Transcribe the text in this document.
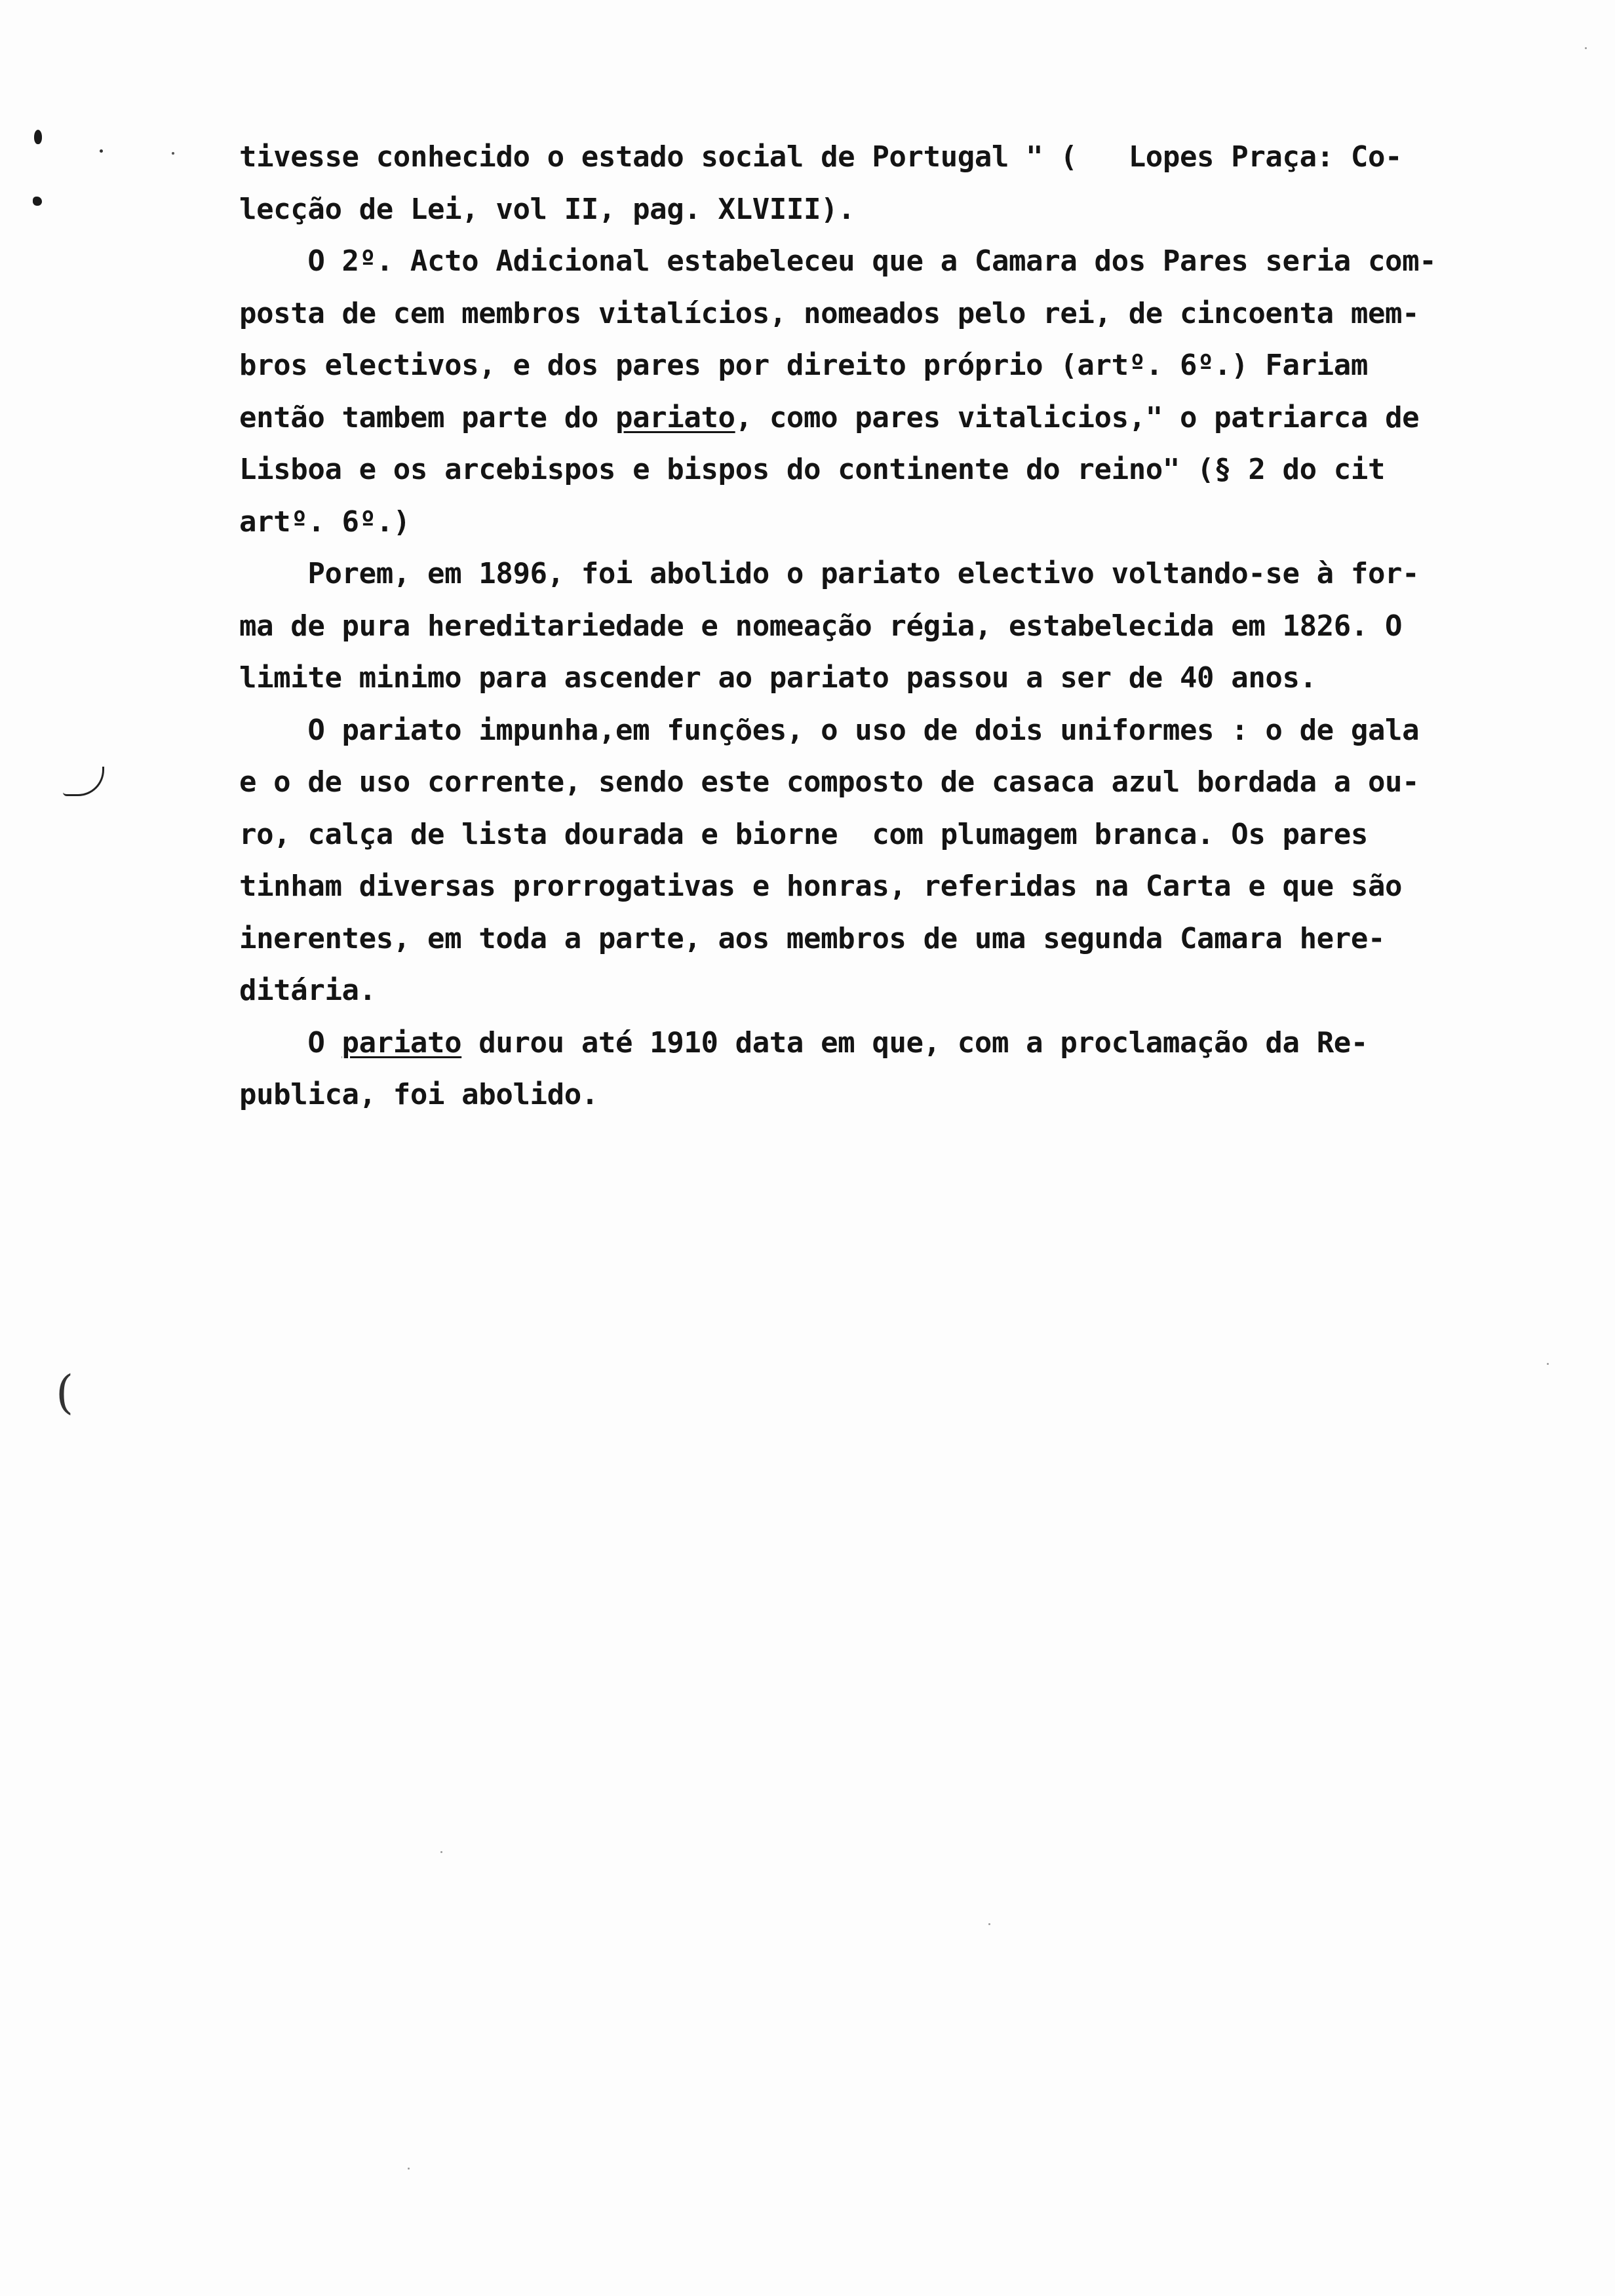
(
tivesse conhecido o estado social de Portugal " (   Lopes Praça: Co-
lecção de Lei, vol II, pag. XLVIII).
O 2º. Acto Adicional estabeleceu que a Camara dos Pares seria com-
posta de cem membros vitalícios, nomeados pelo rei, de cincoenta mem-
bros electivos, e dos pares por direito próprio (artº. 6º.) Fariam
então tambem parte do pariato, como pares vitalicios," o patriarca de
Lisboa e os arcebispos e bispos do continente do reino" (§ 2 do cit
artº. 6º.)
Porem, em 1896, foi abolido o pariato electivo voltando-se à for-
ma de pura hereditariedade e nomeação régia, estabelecida em 1826. O
limite minimo para ascender ao pariato passou a ser de 40 anos.
O pariato impunha,em funções, o uso de dois uniformes : o de gala
e o de uso corrente, sendo este composto de casaca azul bordada a ou-
ro, calça de lista dourada e biorne  com plumagem branca. Os pares
tinham diversas prorrogativas e honras, referidas na Carta e que são
inerentes, em toda a parte, aos membros de uma segunda Camara here-
ditária.
O pariato durou até 1910 data em que, com a proclamação da Re-
publica, foi abolido.
